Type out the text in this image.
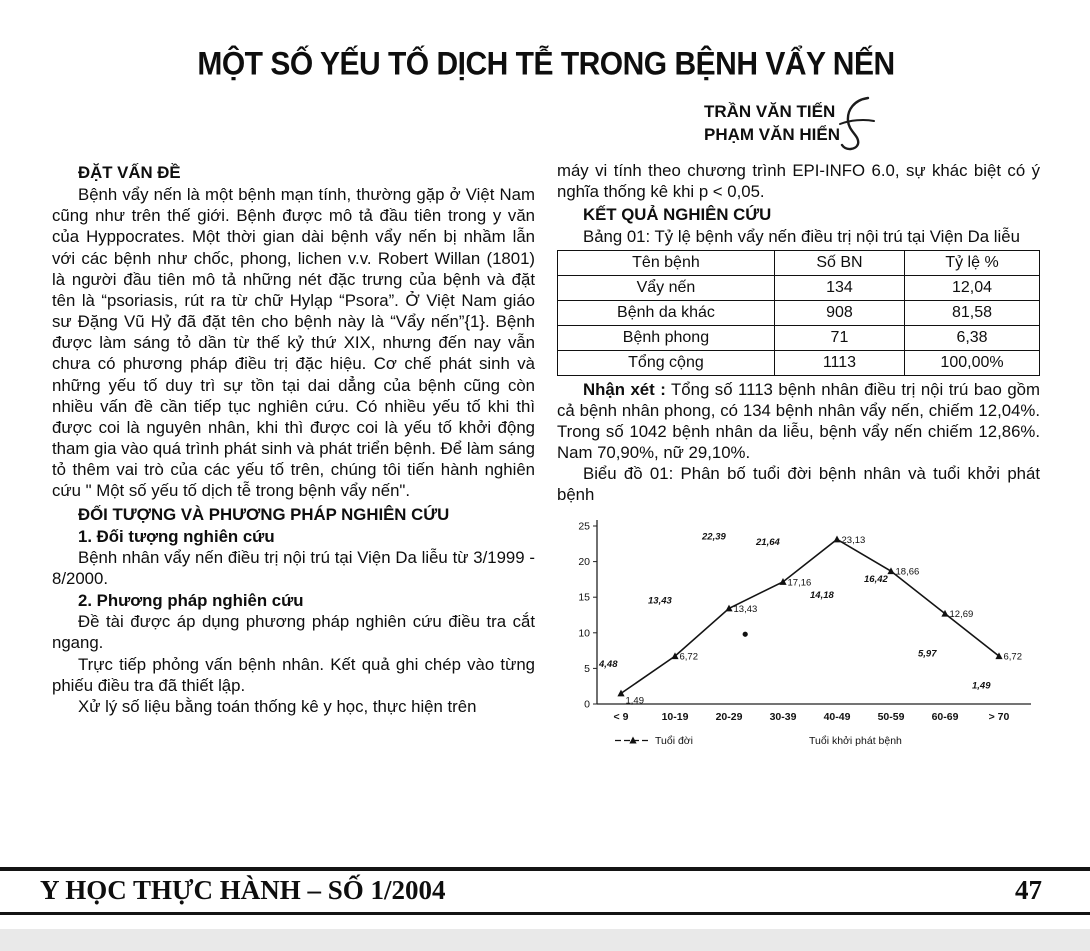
MỘT SỐ YẾU TỐ DỊCH TỄ TRONG BỆNH VẨY NẾN
TRẦN VĂN TIẾN
PHẠM VĂN HIỂN
ĐẶT VẤN ĐỀ

Bệnh vẩy nến là một bệnh mạn tính, thường gặp ở Việt Nam cũng như trên thế giới. Bệnh được mô tả đầu tiên trong y văn của Hyppocrates. Một thời gian dài bệnh vẩy nến bị nhầm lẫn với các bệnh như chốc, phong, lichen v.v. Robert Willan (1801) là người đầu tiên mô tả những nét đặc trưng của bệnh và đặt tên là “psoriasis, rút ra từ chữ Hylạp “Psora”. Ở Việt Nam giáo sư Đặng Vũ Hỷ đã đặt tên cho bệnh này là “Vẩy nến”{1}. Bệnh được làm sáng tỏ dần từ thế kỷ thứ XIX, nhưng đến nay vẫn chưa có phương pháp điều trị đặc hiệu. Cơ chế phát sinh và những yếu tố duy trì sự tồn tại dai dẳng của bệnh cũng còn nhiều vấn đề cần tiếp tục nghiên cứu. Có nhiều yếu tố khi thì được coi là nguyên nhân, khi thì được coi là yếu tố khởi động tham gia vào quá trình phát sinh và phát triển bệnh. Để làm sáng tỏ thêm vai trò của các yếu tố trên, chúng tôi tiến hành nghiên cứu " Một số yếu tố dịch tễ trong bệnh vẩy nến".

ĐỐI TƯỢNG VÀ PHƯƠNG PHÁP NGHIÊN CỨU
1. Đối tượng nghiên cứu

Bệnh nhân vẩy nến điều trị nội trú tại Viện Da liễu từ 3/1999 - 8/2000.

2. Phương pháp nghiên cứu

Đề tài được áp dụng phương pháp nghiên cứu điều tra cắt ngang.

Trực tiếp phỏng vấn bệnh nhân. Kết quả ghi chép vào từng phiếu điều tra đã thiết lập.

Xử lý số liệu bằng toán thống kê y học, thực hiện trên

máy vi tính theo chương trình EPI-INFO 6.0, sự khác biệt có ý nghĩa thống kê khi p < 0,05.

KẾT QUẢ NGHIÊN CỨU

Bảng 01: Tỷ lệ bệnh vẩy nến điều trị nội trú tại Viện Da liễu

Tên bệnh	Số BN	Tỷ lệ %
Vẩy nến	134	12,04
Bệnh da khác	908	81,58
Bệnh phong	71	6,38
Tổng cộng	1113	100,00%

Nhận xét : Tổng số 1113 bệnh nhân điều trị nội trú bao gồm cả bệnh nhân phong, có 134 bệnh nhân vẩy nến, chiếm 12,04%. Trong số 1042 bệnh nhân da liễu, bệnh vẩy nến chiếm 12,86%. Nam 70,90%, nữ 29,10%.

Biểu đồ 01: Phân bố tuổi đời bệnh nhân và tuổi khởi phát bệnh

0
5
10
15
20
25
< 9	10-19	20-29	30-39	40-49	50-59	60-69	> 70
1,49
6,72
13,43
17,16
23,13
18,66
12,69
6,72
4,48
13,43
22,39	21,64
14,18
16,42
5,97
1,49
Tuổi đời	Tuổi khởi phát bệnh
Y HỌC THỰC HÀNH – SỐ 1/2004	47
